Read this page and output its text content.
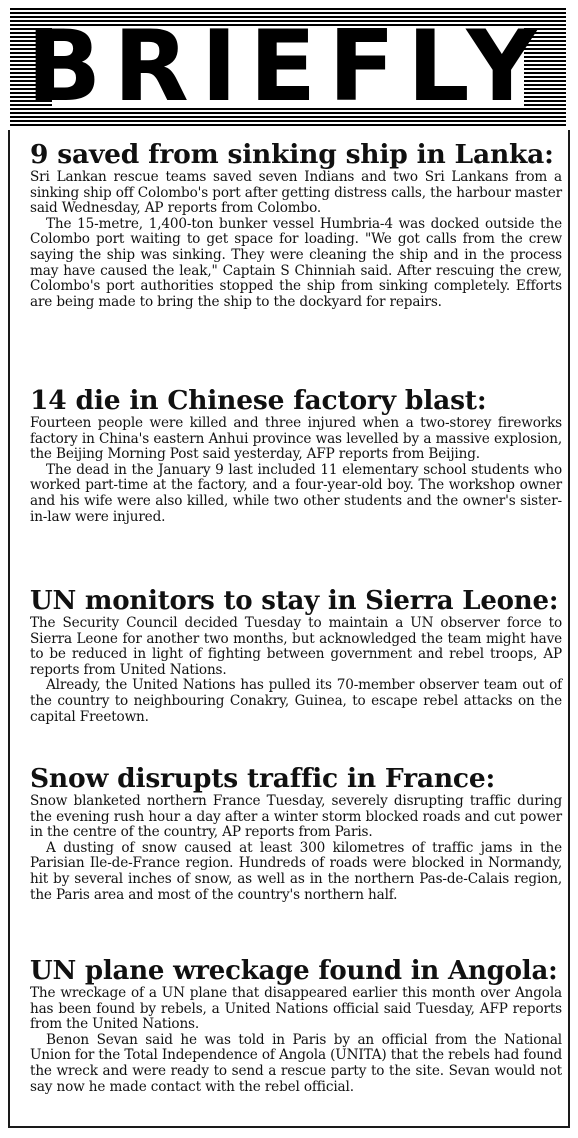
BRIEFLY
9 saved from sinking ship in Lanka:

Sri Lankan rescue teams saved seven Indians and two Sri Lankans from a sinking ship off Colombo's port after getting distress calls, the harbour master said Wednesday, AP reports from Colombo.

The 15-metre, 1,400-ton bunker vessel Humbria-4 was docked outside the Colombo port waiting to get space for loading. "We got calls from the crew saying the ship was sinking. They were cleaning the ship and in the process may have caused the leak," Captain S Chinniah said. After rescuing the crew, Colombo's port authorities stopped the ship from sinking completely. Efforts are being made to bring the ship to the dockyard for repairs.

14 die in Chinese factory blast:

Fourteen people were killed and three injured when a two-storey fireworks factory in China's eastern Anhui province was levelled by a massive explosion, the Beijing Morning Post said yesterday, AFP reports from Beijing.

The dead in the January 9 last included 11 elementary school students who worked part-time at the factory, and a four-year-old boy. The workshop owner and his wife were also killed, while two other students and the owner's sister-in-law were injured.

UN monitors to stay in Sierra Leone:

The Security Council decided Tuesday to maintain a UN observer force to Sierra Leone for another two months, but acknowledged the team might have to be reduced in light of fighting between government and rebel troops, AP reports from United Nations.

Already, the United Nations has pulled its 70-member observer team out of the country to neighbouring Conakry, Guinea, to escape rebel attacks on the capital Freetown.

Snow disrupts traffic in France:

Snow blanketed northern France Tuesday, severely disrupting traffic during the evening rush hour a day after a winter storm blocked roads and cut power in the centre of the country, AP reports from Paris.

A dusting of snow caused at least 300 kilometres of traffic jams in the Parisian Ile-de-France region. Hundreds of roads were blocked in Normandy, hit by several inches of snow, as well as in the northern Pas-de-Calais region, the Paris area and most of the country's northern half.

UN plane wreckage found in Angola:

The wreckage of a UN plane that disappeared earlier this month over Angola has been found by rebels, a United Nations official said Tuesday, AFP reports from the United Nations.

Benon Sevan said he was told in Paris by an official from the National Union for the Total Independence of Angola (UNITA) that the rebels had found the wreck and were ready to send a rescue party to the site. Sevan would not say now he made contact with the rebel official.
